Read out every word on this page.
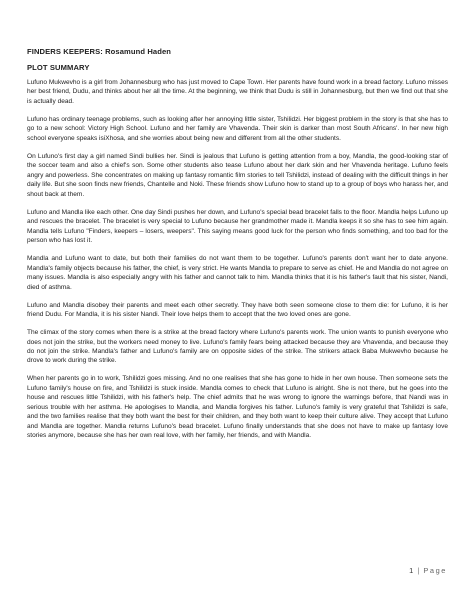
FINDERS KEEPERS: Rosamund Haden
PLOT SUMMARY

Lufuno Mukwevho is a girl from Johannesburg who has just moved to Cape Town. Her parents have found work in a bread factory. Lufuno misses her best friend, Dudu, and thinks about her all the time. At the beginning, we think that Dudu is still in Johannesburg, but then we find out that she is actually dead.

Lufuno has ordinary teenage problems, such as looking after her annoying little sister, Tshilidzi. Her biggest problem in the story is that she has to go to a new school: Victory High School. Lufuno and her family are Vhavenda. Their skin is darker than most South Africans'. In her new high school everyone speaks isiXhosa, and she worries about being new and different from all the other students.

On Lufuno's first day a girl named Sindi bullies her. Sindi is jealous that Lufuno is getting attention from a boy, Mandla, the good-looking star of the soccer team and also a chief's son. Some other students also tease Lufuno about her dark skin and her Vhavenda heritage. Lufuno feels angry and powerless. She concentrates on making up fantasy romantic film stories to tell Tshilidzi, instead of dealing with the difficult things in her daily life. But she soon finds new friends, Chantelle and Noki. These friends show Lufuno how to stand up to a group of boys who harass her, and shout back at them.

Lufuno and Mandla like each other. One day Sindi pushes her down, and Lufuno's special bead bracelet falls to the floor. Mandla helps Lufuno up and rescues the bracelet. The bracelet is very special to Lufuno because her grandmother made it. Mandla keeps it so she has to see him again. Mandla tells Lufuno "Finders, keepers – losers, weepers". This saying means good luck for the person who finds something, and too bad for the person who has lost it.

Mandla and Lufuno want to date, but both their families do not want them to be together. Lufuno's parents don't want her to date anyone. Mandla's family objects because his father, the chief, is very strict. He wants Mandla to prepare to serve as chief. He and Mandla do not agree on many issues. Mandla is also especially angry with his father and cannot talk to him. Mandla thinks that it is his father's fault that his sister, Nandi, died of asthma.

Lufuno and Mandla disobey their parents and meet each other secretly. They have both seen someone close to them die: for Lufuno, it is her friend Dudu. For Mandla, it is his sister Nandi. Their love helps them to accept that the two loved ones are gone.

The climax of the story comes when there is a strike at the bread factory where Lufuno's parents work. The union wants to punish everyone who does not join the strike, but the workers need money to live. Lufuno's family fears being attacked because they are Vhavenda, and because they do not join the strike. Mandla's father and Lufuno's family are on opposite sides of the strike. The strikers attack Baba Mukwevho because he drove to work during the strike.

When her parents go in to work, Tshilidzi goes missing. And no one realises that she has gone to hide in her own house. Then someone sets the Lufuno family's house on fire, and Tshilidzi is stuck inside. Mandla comes to check that Lufuno is alright. She is not there, but he goes into the house and rescues little Tshilidzi, with his father's help. The chief admits that he was wrong to ignore the warnings before, that Nandi was in serious trouble with her asthma. He apologises to Mandla, and Mandla forgives his father. Lufuno's family is very grateful that Tshilidzi is safe, and the two families realise that they both want the best for their children, and they both want to keep their culture alive. They accept that Lufuno and Mandla are together. Mandla returns Lufuno's bead bracelet. Lufuno finally understands that she does not have to make up fantasy love stories anymore, because she has her own real love, with her family, her friends, and with Mandla.

1 | Page
